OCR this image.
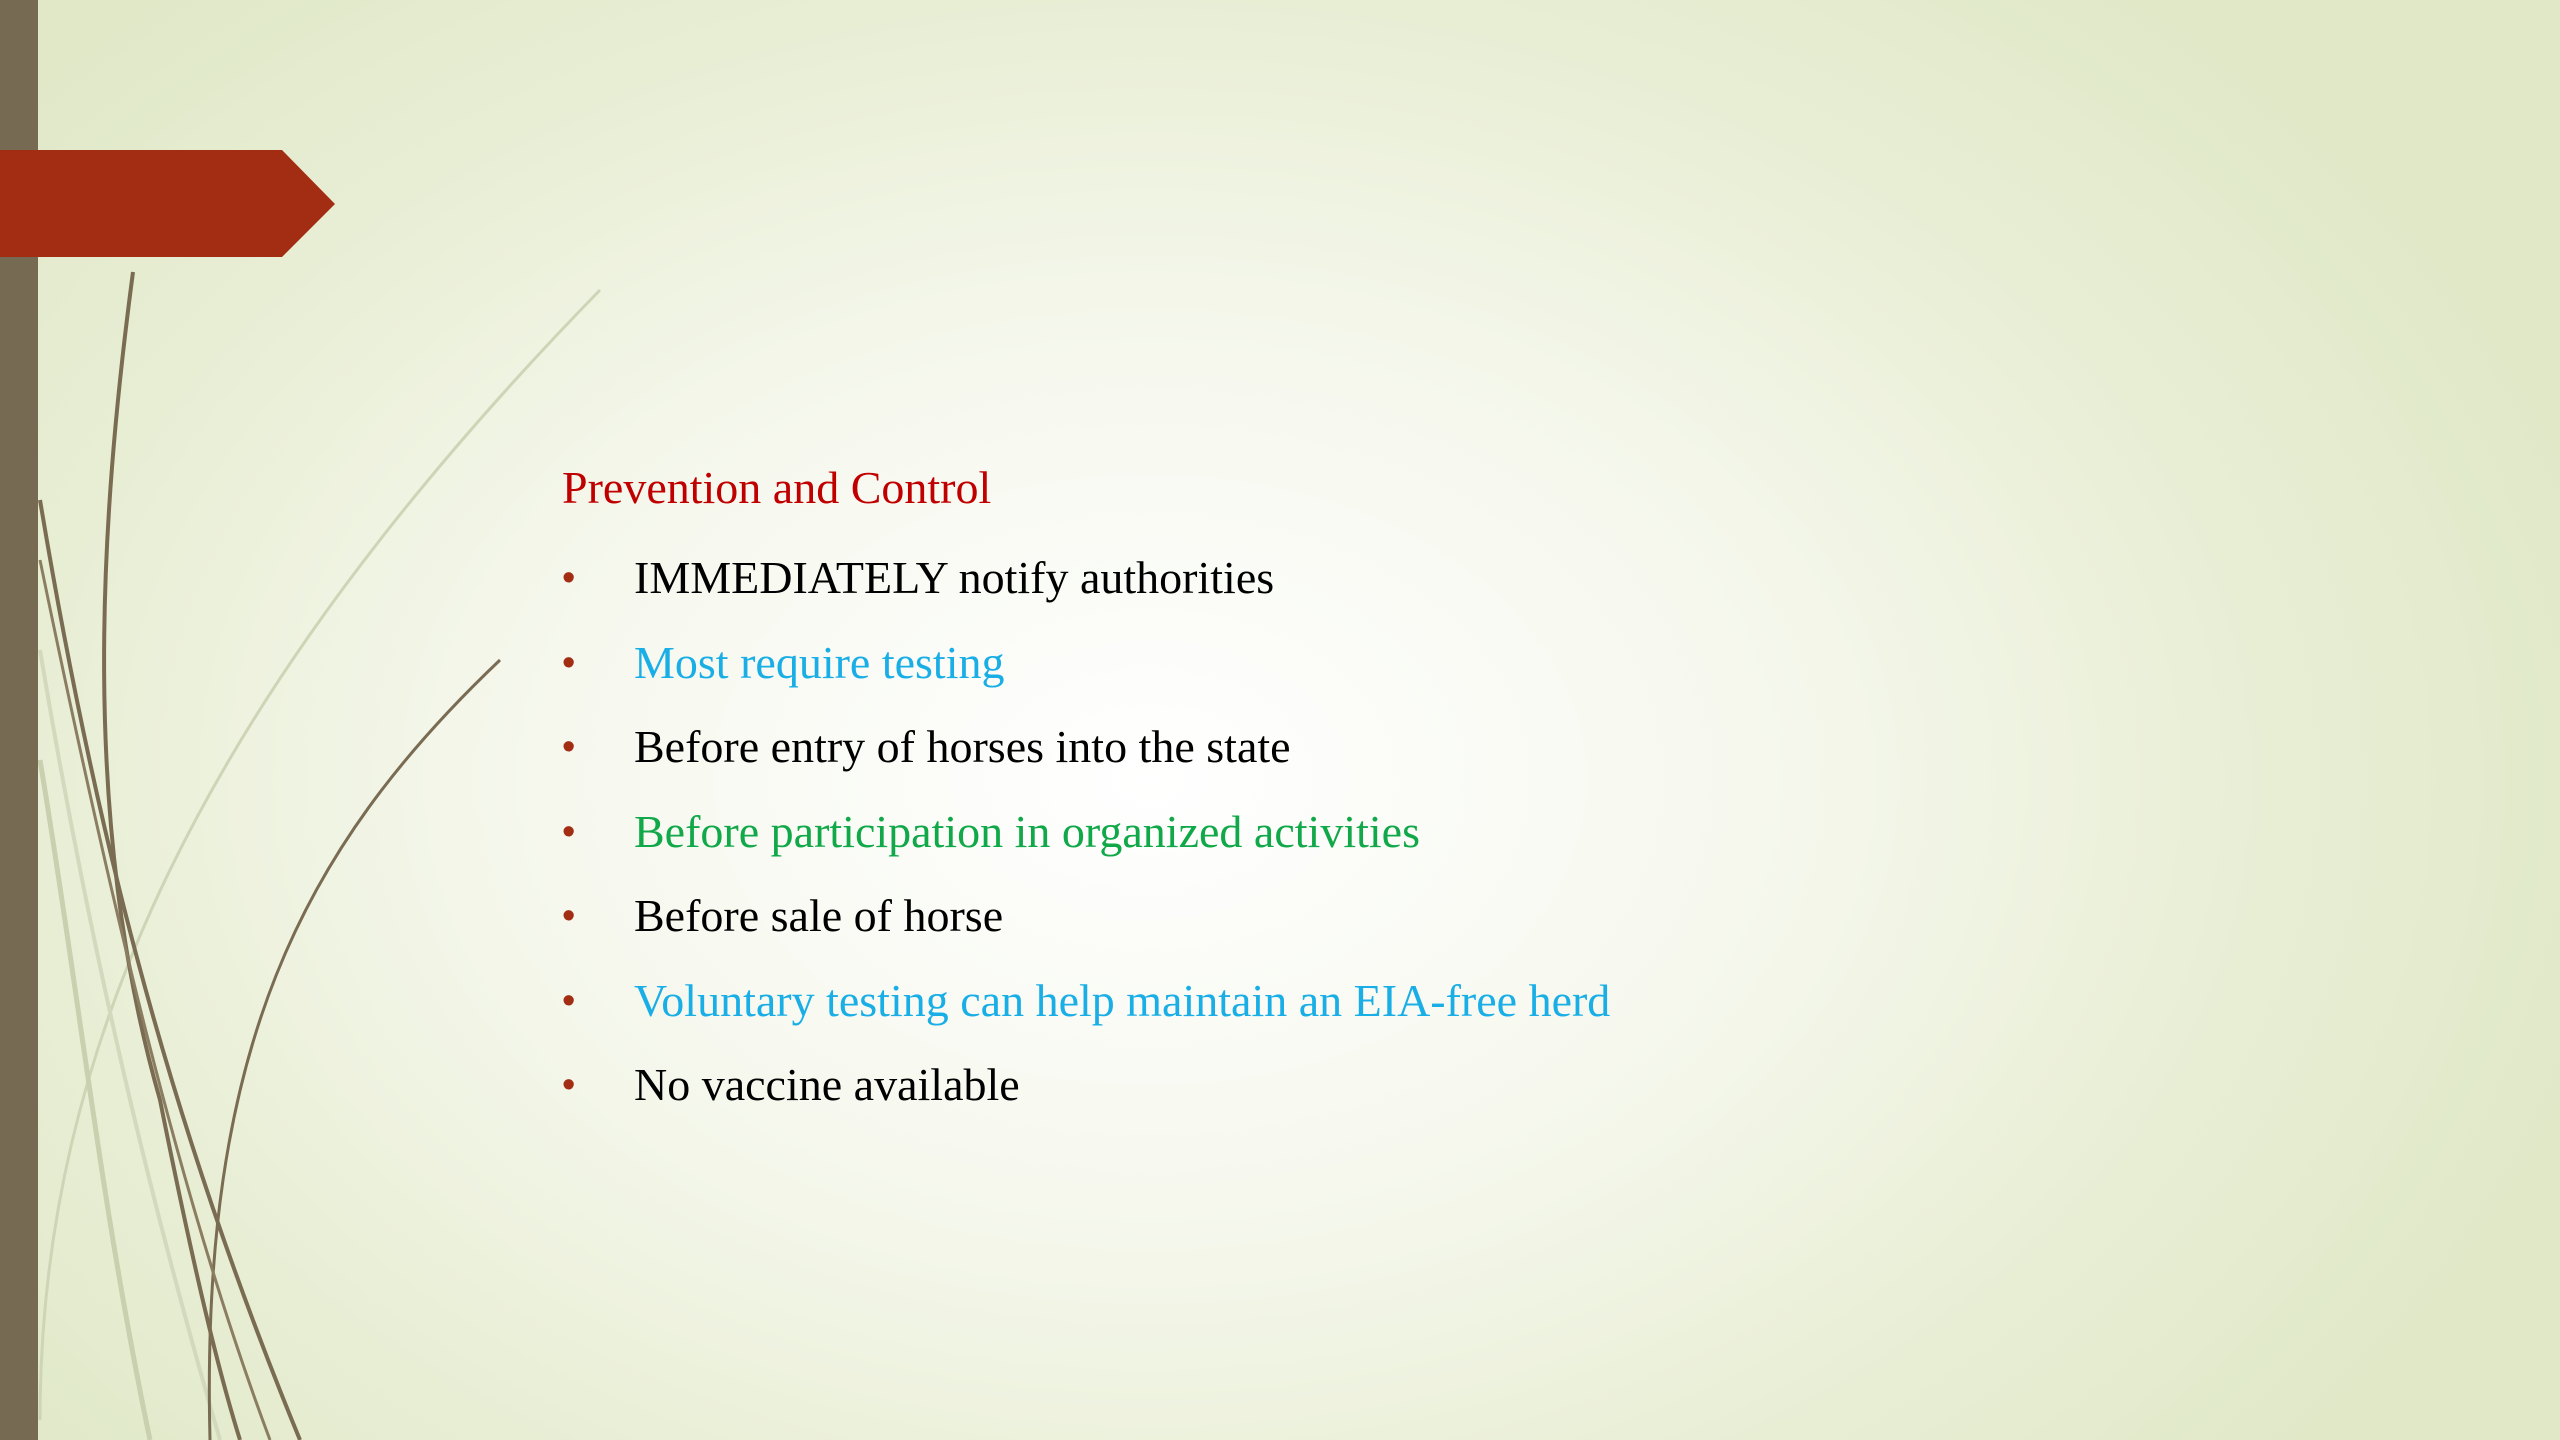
Prevention and Control
• IMMEDIATELY notify authorities
• Most require testing
• Before entry of horses into the state
• Before participation in organized activities
• Before sale of horse
• Voluntary testing can help maintain an EIA-free herd
• No vaccine available
